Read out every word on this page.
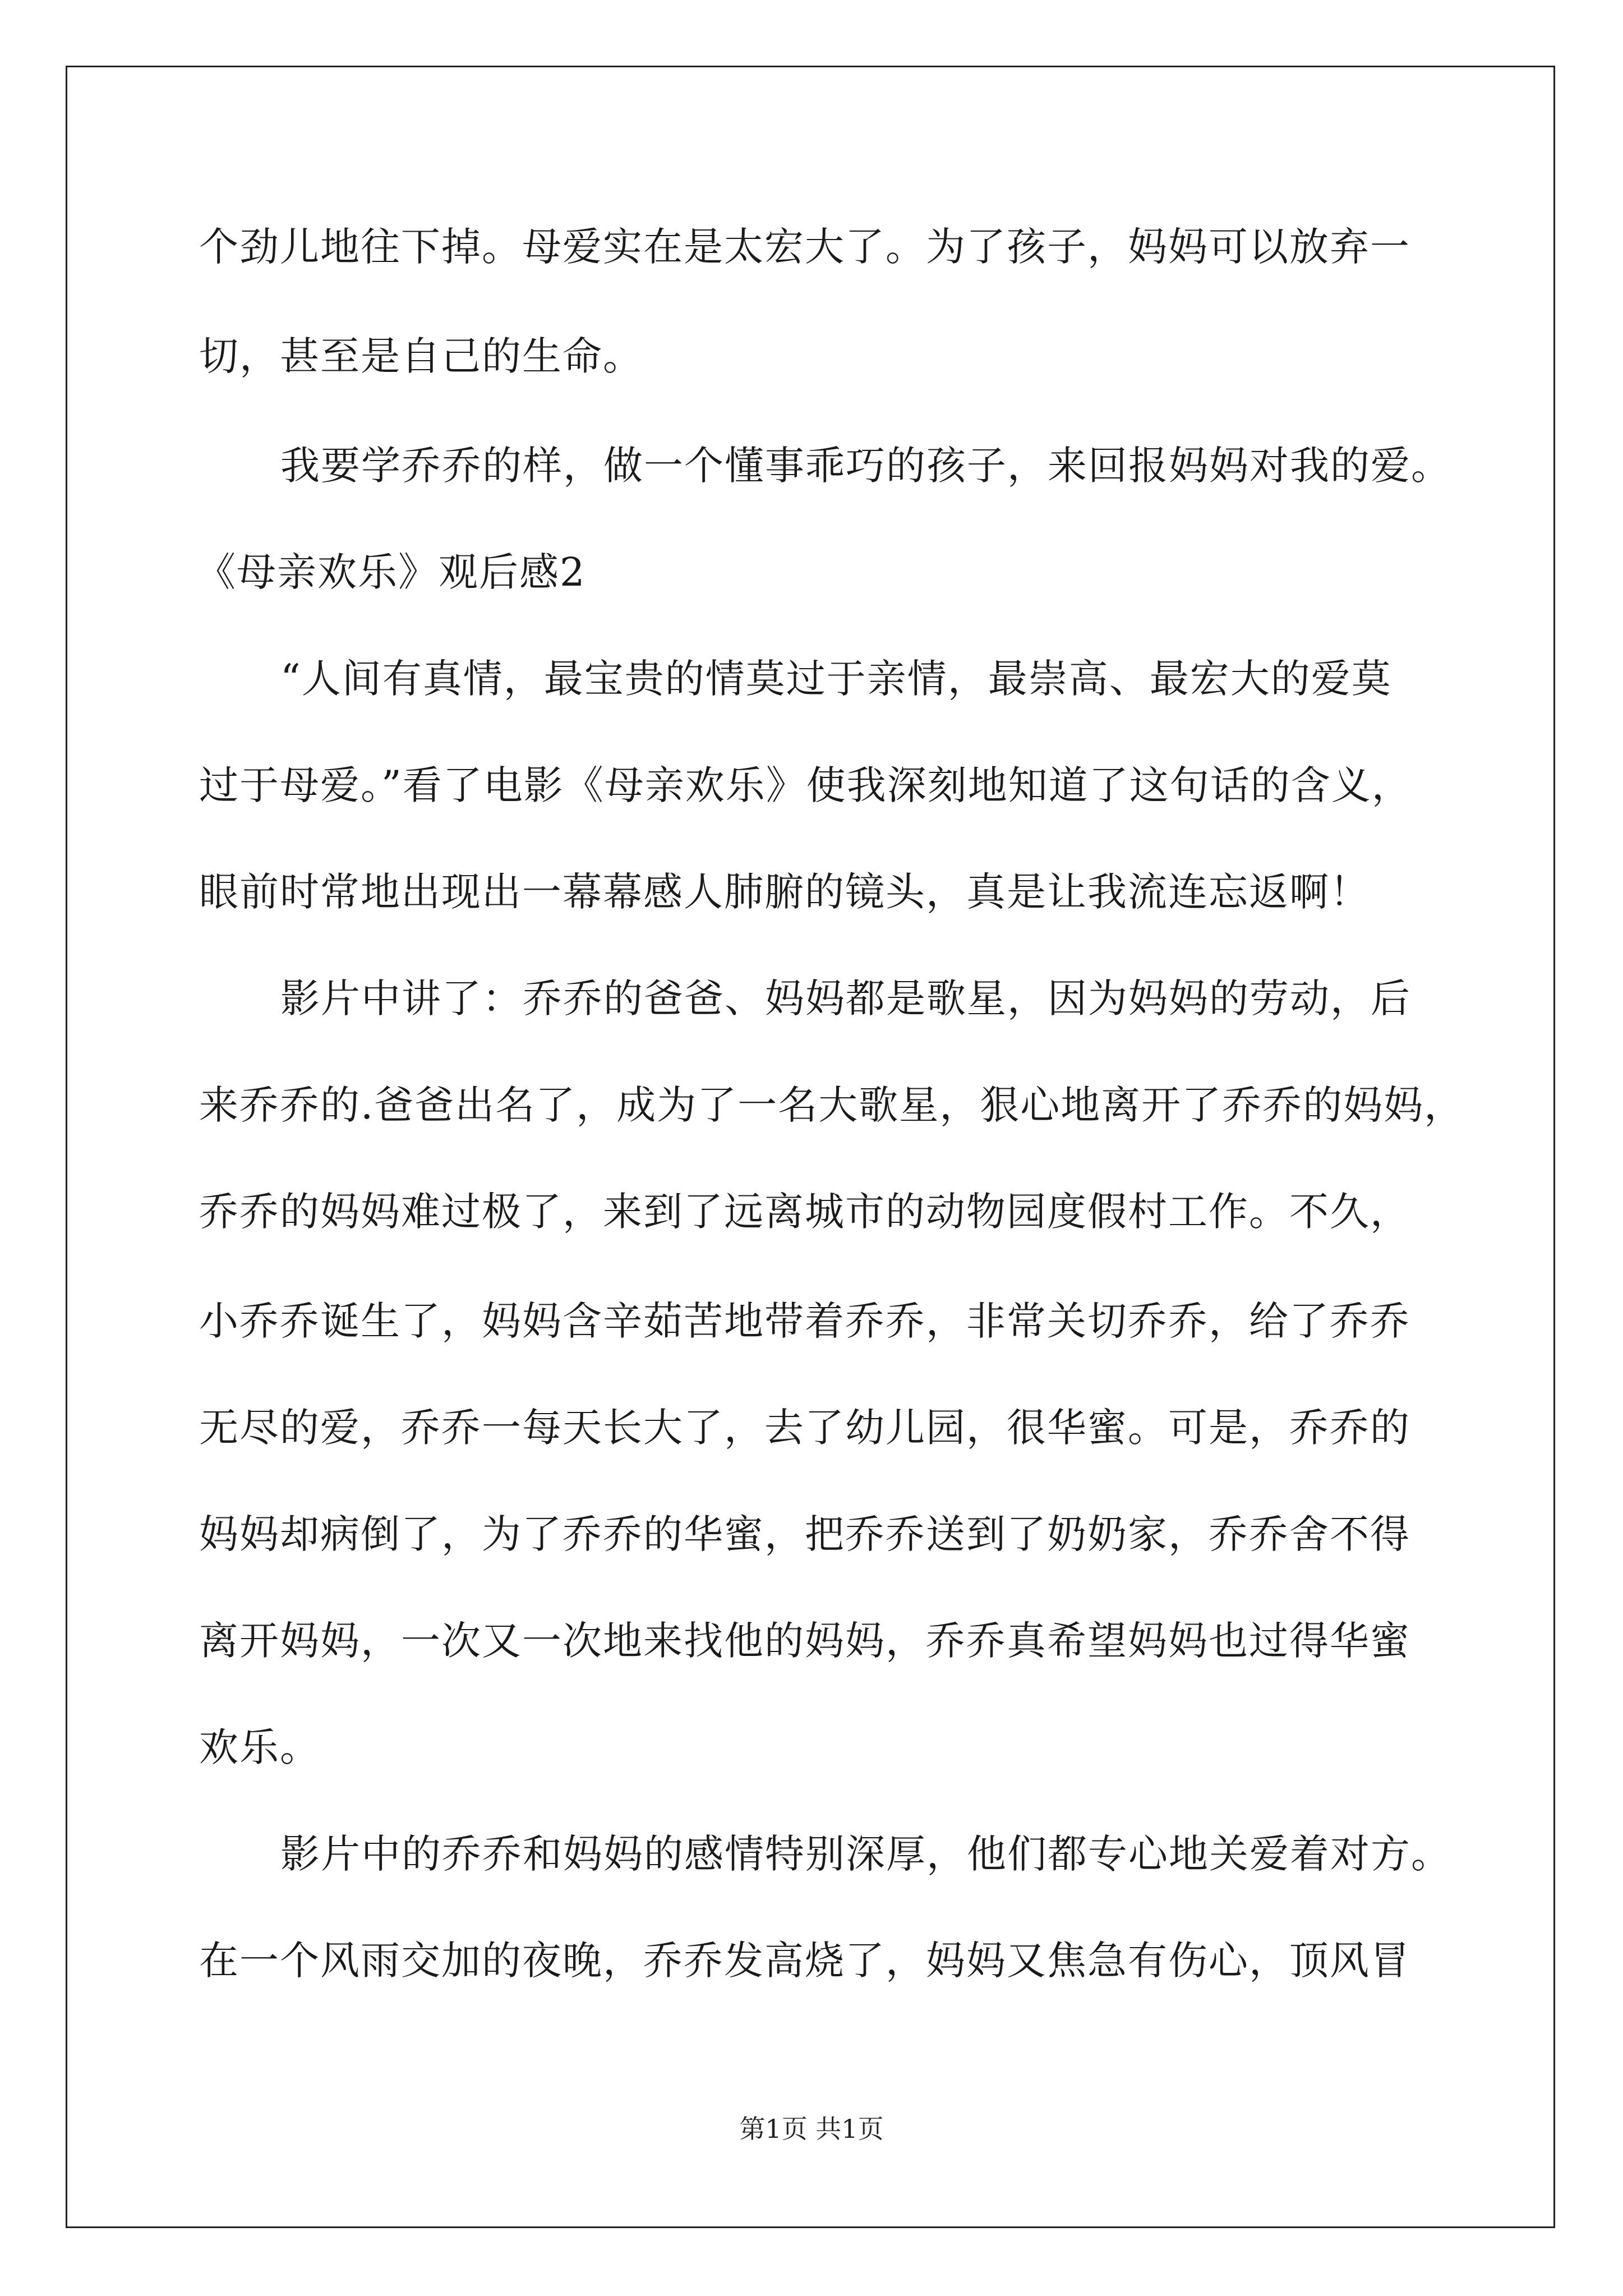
个劲儿地往下掉。母爱实在是太宏大了。为了孩子，妈妈可以放弃一
切，甚至是自己的生命。
我要学乔乔的样，做一个懂事乖巧的孩子，来回报妈妈对我的爱。
《母亲欢乐》观后感2
“人间有真情，最宝贵的情莫过于亲情，最崇高、最宏大的爱莫
过于母爱。”看了电影《母亲欢乐》使我深刻地知道了这句话的含义，
眼前时常地出现出一幕幕感人肺腑的镜头，真是让我流连忘返啊！
影片中讲了：乔乔的爸爸、妈妈都是歌星，因为妈妈的劳动，后
来乔乔的.爸爸出名了，成为了一名大歌星，狠心地离开了乔乔的妈妈，
乔乔的妈妈难过极了，来到了远离城市的动物园度假村工作。不久，
小乔乔诞生了，妈妈含辛茹苦地带着乔乔，非常关切乔乔，给了乔乔
无尽的爱，乔乔一每天长大了，去了幼儿园，很华蜜。可是，乔乔的
妈妈却病倒了，为了乔乔的华蜜，把乔乔送到了奶奶家，乔乔舍不得
离开妈妈，一次又一次地来找他的妈妈，乔乔真希望妈妈也过得华蜜
欢乐。
影片中的乔乔和妈妈的感情特别深厚，他们都专心地关爱着对方。
在一个风雨交加的夜晚，乔乔发高烧了，妈妈又焦急有伤心，顶风冒
第1页 共1页
